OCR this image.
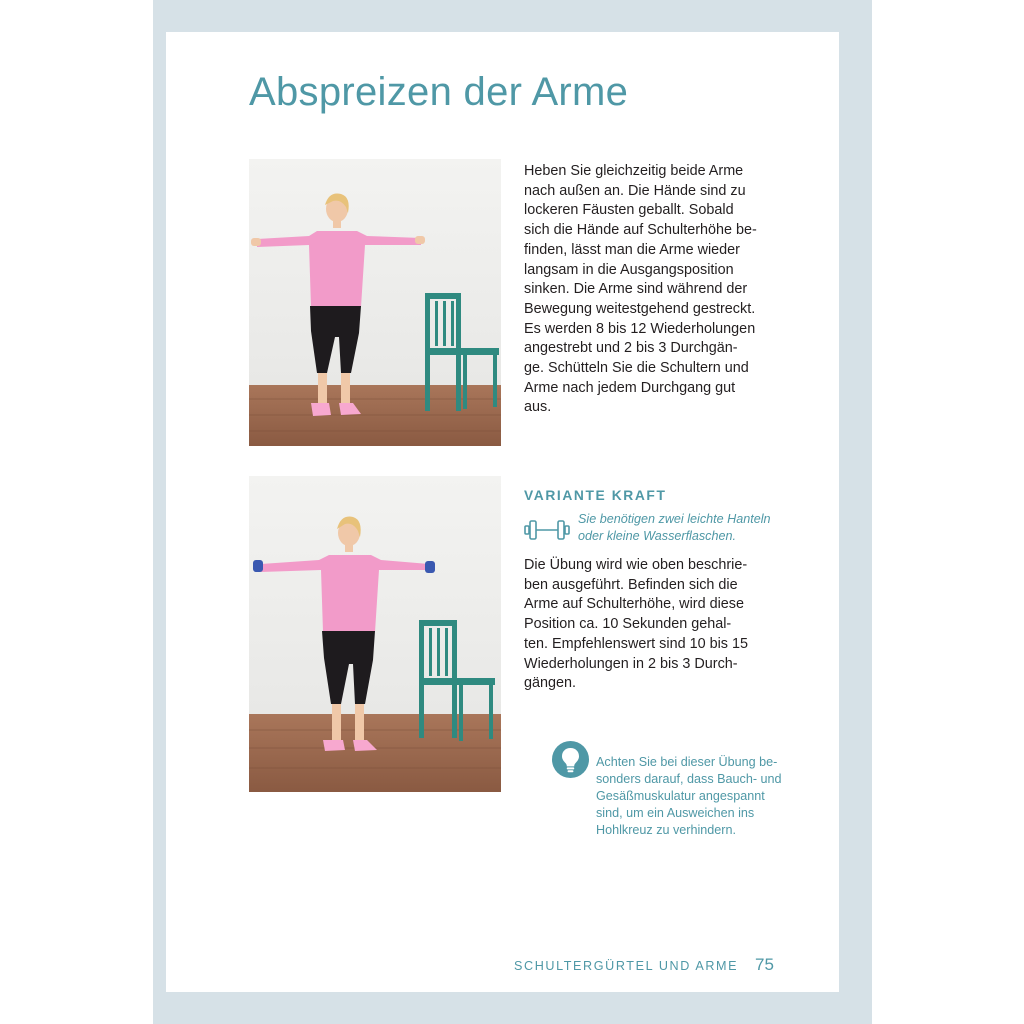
Abspreizen der Arme
Heben Sie gleichzeitig beide Arme
nach außen an. Die Hände sind zu
lockeren Fäusten geballt. Sobald
sich die Hände auf Schulterhöhe be-
finden, lässt man die Arme wieder
langsam in die Ausgangsposition
sinken. Die Arme sind während der
Bewegung weitestgehend gestreckt.
Es werden 8 bis 12 Wiederholungen
angestrebt und 2 bis 3 Durchgän-
ge. Schütteln Sie die Schultern und
Arme nach jedem Durchgang gut
aus.
VARIANTE KRAFT
Sie benötigen zwei leichte Hanteln
oder kleine Wasserflaschen.
Die Übung wird wie oben beschrie-
ben ausgeführt. Befinden sich die
Arme auf Schulterhöhe, wird diese
Position ca. 10 Sekunden gehal-
ten. Empfehlenswert sind 10 bis 15
Wiederholungen in 2 bis 3 Durch-
gängen.
Achten Sie bei dieser Übung be-
sonders darauf, dass Bauch- und
Gesäßmuskulatur angespannt
sind, um ein Ausweichen ins
Hohlkreuz zu verhindern.
SCHULTERGÜRTEL UND ARME 75
